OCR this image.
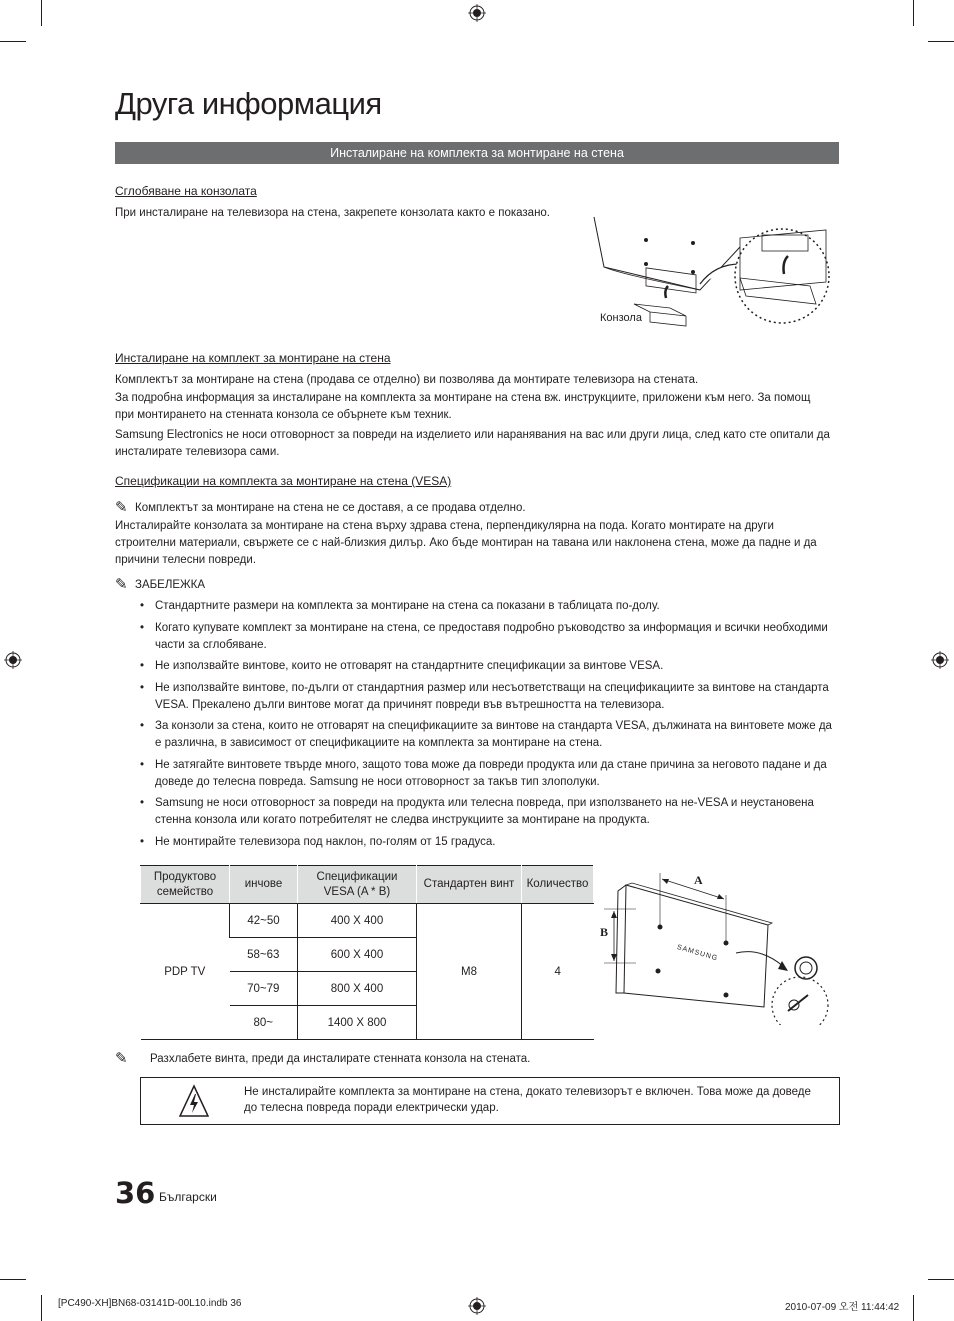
Друга информация
Инсталиране на комплекта за монтиране на стена
Сглобяване на конзолата
При инсталиране на телевизора на стена, закрепете конзолата както е показано.
Конзола
Инсталиране на комплект за монтиране на стена
Комплектът за монтиране на стена (продава се отделно) ви позволява да монтирате телевизора на стената.
За подробна информация за инсталиране на комплекта за монтиране на стена вж. инструкциите, приложени към него. За помощ при монтирането на стенната конзола се обърнете към техник.
Samsung Electronics не носи отговорност за повреди на изделието или наранявания на вас или други лица, след като сте опитали да инсталирате телевизора сами.
Спецификации на комплекта за монтиране на стена (VESA)
✎ Комплектът за монтиране на стена не се доставя, а се продава отделно.
Инсталирайте конзолата за монтиране на стена върху здрава стена, перпендикулярна на пода. Когато монтирате на други строителни материали, свържете се с най-близкия дилър. Ако бъде монтиран на тавана или наклонена стена, може да падне и да причини телесни повреди.
✎ ЗАБЕЛЕЖКА
• Стандартните размери на комплекта за монтиране на стена са показани в таблицата по-долу.
• Когато купувате комплект за монтиране на стена, се предоставя подробно ръководство за информация и всички необходими части за сглобяване.
• Не използвайте винтове, които не отговарят на стандартните спецификации за винтове VESA.
• Не използвайте винтове, по-дълги от стандартния размер или несъответстващи на спецификациите за винтове на стандарта VESA. Прекалено дълги винтове могат да причинят повреди във вътрешността на телевизора.
• За конзоли за стена, които не отговарят на спецификациите за винтове на стандарта VESA, дължината на винтовете може да е различна, в зависимост от спецификациите на комплекта за монтиране на стена.
• Не затягайте винтовете твърде много, защото това може да повреди продукта или да стане причина за неговото падане и да доведе до телесна повреда. Samsung не носи отговорност за такъв тип злополуки.
• Samsung не носи отговорност за повреди на продукта или телесна повреда, при използването на не-VESA и неустановена стенна конзола или когато потребителят не следва инструкциите за монтиране на продукта.
• Не монтирайте телевизора под наклон, по-голям от 15 градуса.
Продуктово семейство	инчове	Спецификации VESA (A * B)	Стандартен винт	Количество
PDP TV	42~50	400 X 400	M8	4
	58~63	600 X 400		
	70~79	800 X 400		
	80~	1400 X 800		
A
B
SAMSUNG
✎ Разхлабете винта, преди да инсталирате стенната конзола на стената.
Не инсталирайте комплекта за монтиране на стена, докато телевизорът е включен. Това може да доведе до телесна повреда поради електрически удар.
36 Български
[PC490-XH]BN68-03141D-00L10.indb 36	2010-07-09 오전 11:44:42
